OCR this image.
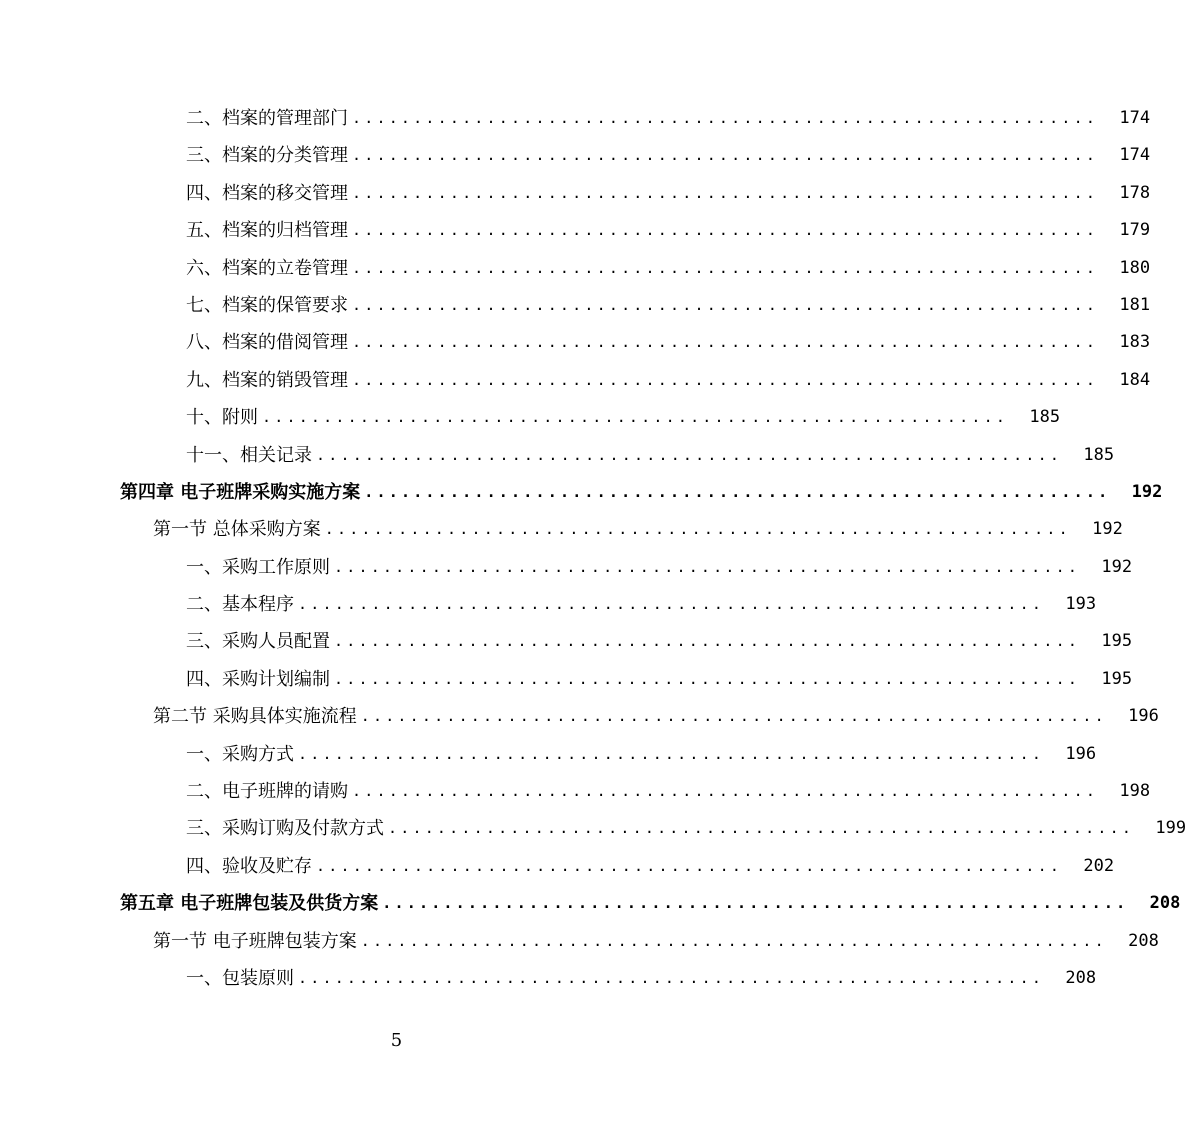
二、档案的管理部门 .............................................................	174
三、档案的分类管理 .............................................................	174
四、档案的移交管理 .............................................................	178
五、档案的归档管理 .............................................................	179
六、档案的立卷管理 .............................................................	180
七、档案的保管要求 .............................................................	181
八、档案的借阅管理 .............................................................	183
九、档案的销毁管理 .............................................................	184
十、附则 .............................................................	185
十一、相关记录 .............................................................	185
第四章 电子班牌采购实施方案 .............................................................	192
第一节 总体采购方案 .............................................................	192
一、采购工作原则 .............................................................	192
二、基本程序 .............................................................	193
三、采购人员配置 .............................................................	195
四、采购计划编制 .............................................................	195
第二节 采购具体实施流程 .............................................................	196
一、采购方式 .............................................................	196
二、电子班牌的请购 .............................................................	198
三、采购订购及付款方式 .............................................................	199
四、验收及贮存 .............................................................	202
第五章 电子班牌包装及供货方案 .............................................................	208
第一节 电子班牌包装方案 .............................................................	208
一、包装原则 .............................................................	208
5
